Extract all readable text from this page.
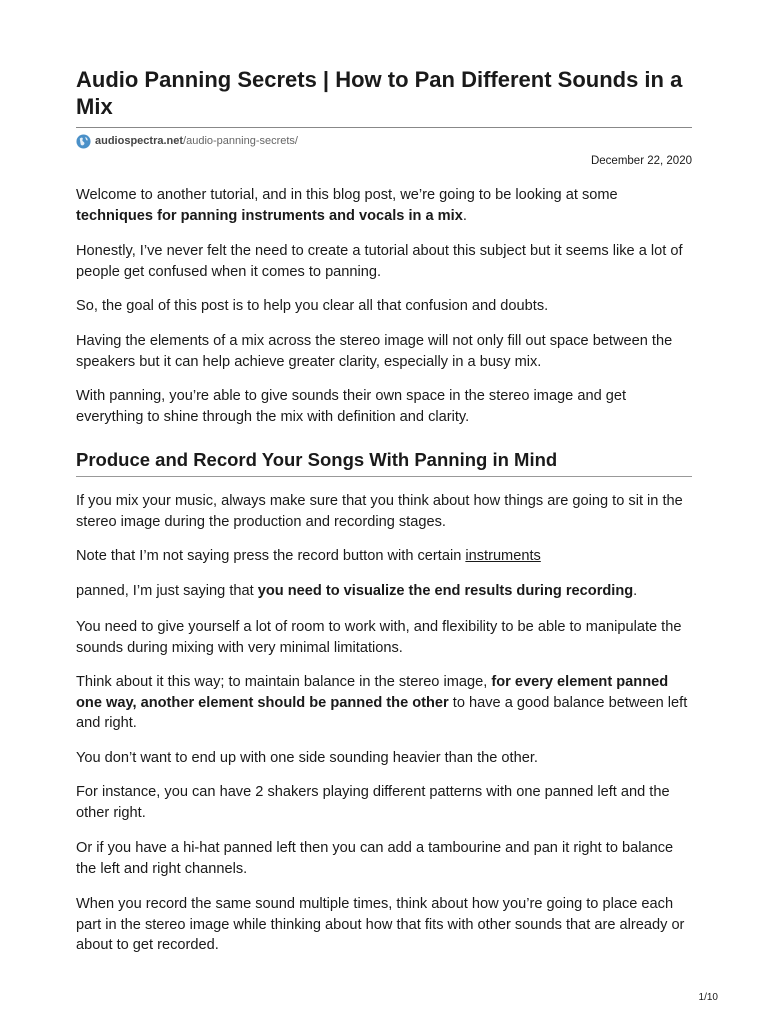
Audio Panning Secrets | How to Pan Different Sounds in a Mix
audiospectra.net /audio-panning-secrets/
December 22, 2020

Welcome to another tutorial, and in this blog post, we’re going to be looking at some techniques for panning instruments and vocals in a mix.

Honestly, I’ve never felt the need to create a tutorial about this subject but it seems like a lot of people get confused when it comes to panning.

So, the goal of this post is to help you clear all that confusion and doubts.

Having the elements of a mix across the stereo image will not only fill out space between the speakers but it can help achieve greater clarity, especially in a busy mix.

With panning, you’re able to give sounds their own space in the stereo image and get everything to shine through the mix with definition and clarity.

Produce and Record Your Songs With Panning in Mind

If you mix your music, always make sure that you think about how things are going to sit in the stereo image during the production and recording stages.

Note that I’m not saying press the record button with certain instruments

panned, I’m just saying that you need to visualize the end results during recording.

You need to give yourself a lot of room to work with, and flexibility to be able to manipulate the sounds during mixing with very minimal limitations.

Think about it this way; to maintain balance in the stereo image, for every element panned one way, another element should be panned the other to have a good balance between left and right.

You don’t want to end up with one side sounding heavier than the other.

For instance, you can have 2 shakers playing different patterns with one panned left and the other right.

Or if you have a hi-hat panned left then you can add a tambourine and pan it right to balance the left and right channels.

When you record the same sound multiple times, think about how you’re going to place each part in the stereo image while thinking about how that fits with other sounds that are already or about to get recorded.

1/10
